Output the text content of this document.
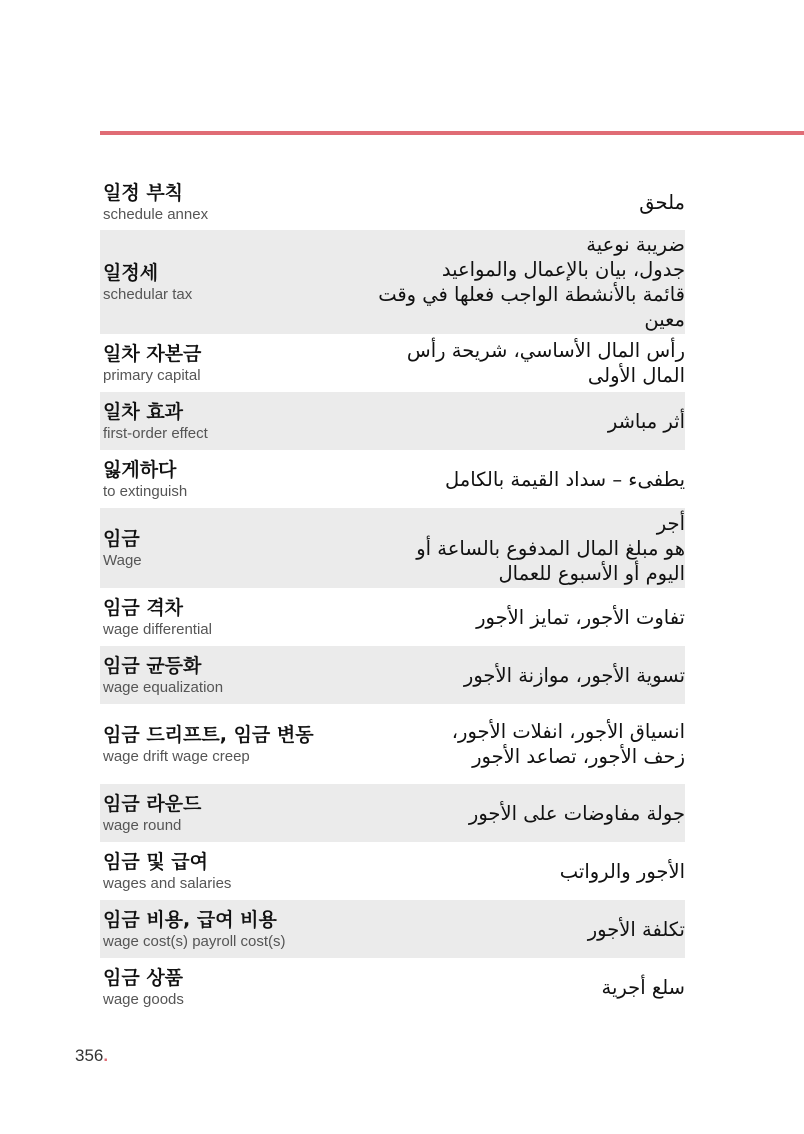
일정 부칙
schedule annex
ملحق
일정세
schedular tax
ضريبة نوعية
جدول، بيان بالإعمال والمواعيد
قائمة بالأنشطة الواجب فعلها في وقت
معين
일차 자본금
primary capital
رأس المال الأساسي، شريحة رأس
المال الأولى
일차 효과
first-order effect
أثر مباشر
잃게하다
to extinguish
يطفىء – سداد القيمة بالكامل
임금
Wage
أجر
هو مبلغ المال المدفوع بالساعة أو
اليوم أو الأسبوع للعمال
임금 격차
wage differential
تفاوت الأجور، تمايز الأجور
임금 균등화
wage equalization
تسوية الأجور، موازنة الأجور
임금 드리프트, 임금 변동
wage drift wage creep
انسياق الأجور، انفلات الأجور،
زحف الأجور، تصاعد الأجور
임금 라운드
wage round
جولة مفاوضات على الأجور
임금 및 급여
wages and salaries
الأجور والرواتب
임금 비용, 급여 비용
wage cost(s) payroll cost(s)
تكلفة الأجور
임금 상품
wage goods
سلع أجرية
356.
